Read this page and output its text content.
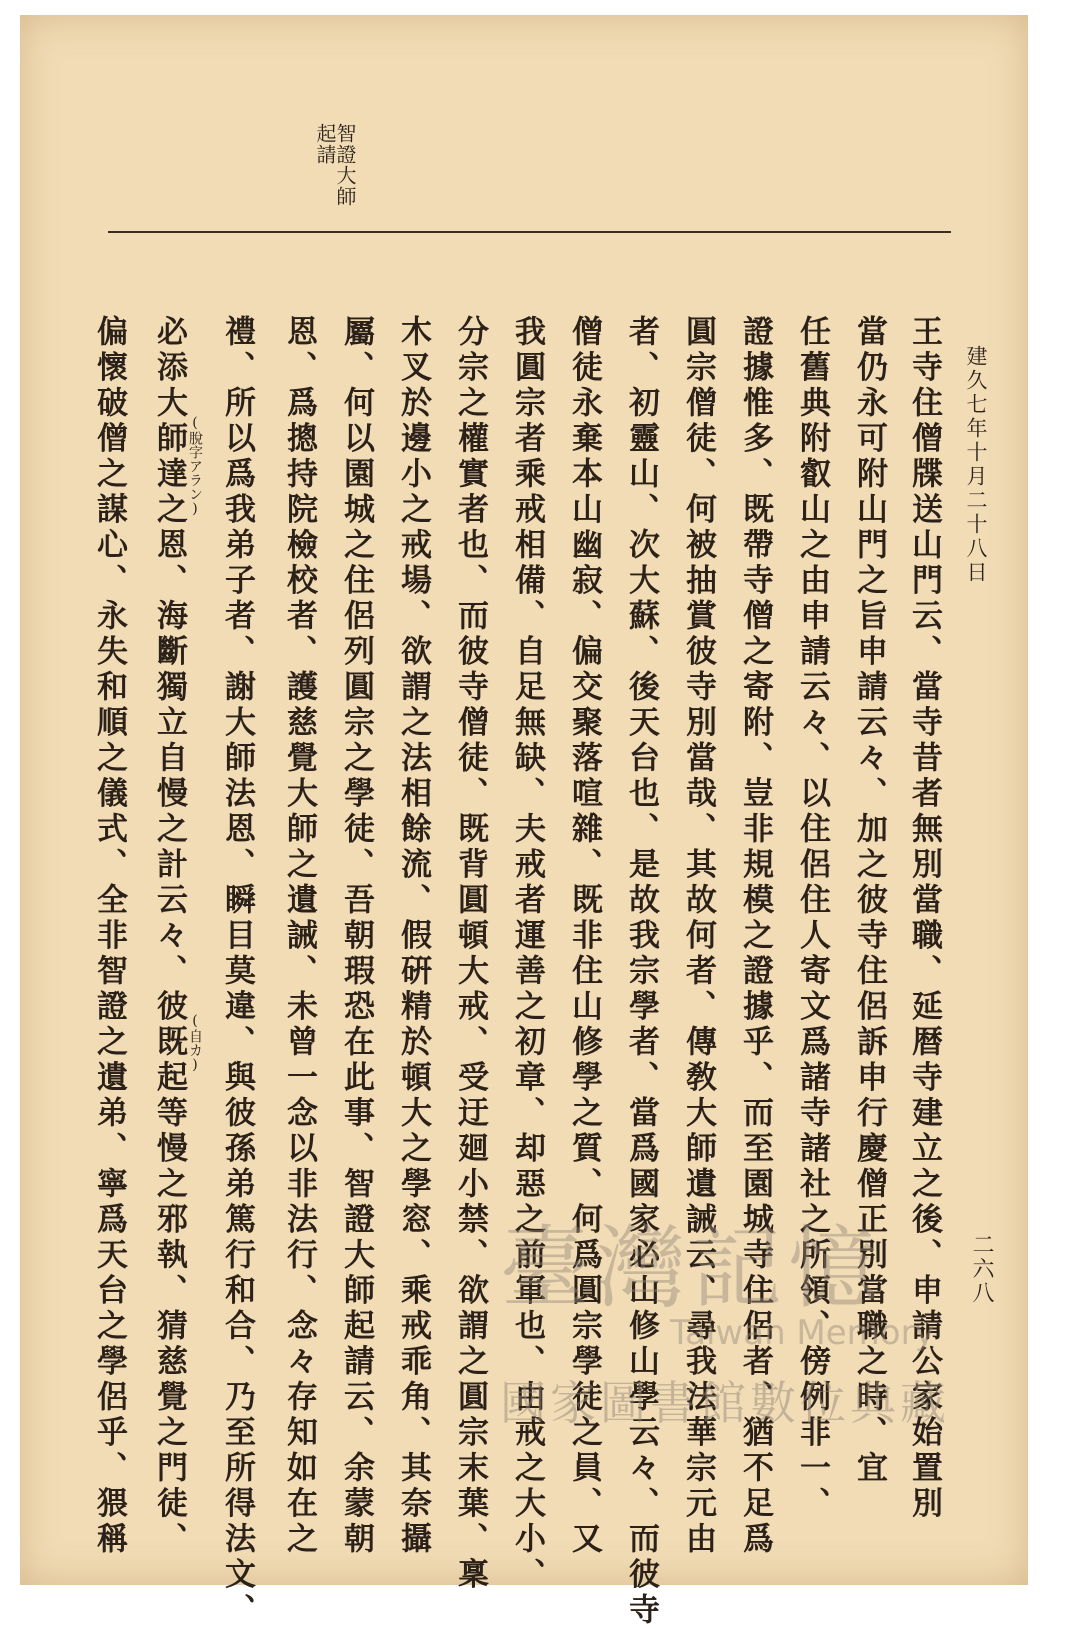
智證大師
起請
建久七年十月二十八日
二六八
王寺住僧牒送山門云、當寺昔者無別當職、延暦寺建立之後、申請公家始置別
當仍永可附山門之旨申請云々、加之彼寺住侶訴申行慶僧正別當職之時、宜
任舊典附叡山之由申請云々、以住侶住人寄文爲諸寺諸社之所領、傍例非一、
證據惟多、既帶寺僧之寄附、豈非規模之證據乎、而至園城寺住侶者、猶不足爲
圓宗僧徒、何被抽賞彼寺別當哉、其故何者、傳敎大師遺誡云、尋我法華宗元由
者、初靈山、次大蘇、後天台也、是故我宗學者、當爲國家必山修山學云々、而彼寺
僧徒永棄本山幽寂、偏交聚落喧雜、既非住山修學之質、何爲圓宗學徒之員、又
我圓宗者乘戒相備、自足無缺、夫戒者運善之初章、却惡之前軍也、由戒之大小、
分宗之權實者也、而彼寺僧徒、既背圓頓大戒、受迂廻小禁、欲謂之圓宗末葉、稟
木叉於邊小之戒場、欲謂之法相餘流、假硏精於頓大之學窓、乘戒乖角、其奈攝
屬、何以園城之住侶列圓宗之學徒、吾朝瑕恐在此事、智證大師起請云、余蒙朝
恩、爲摠持院檢校者、護慈覺大師之遺誡、未曾一念以非法行、念々存知如在之
禮、所以爲我弟子者、謝大師法恩、瞬目莫違、與彼孫弟篤行和合、乃至所得法文、
必添大師達之恩、海斷獨立自慢之計云々、彼既起等慢之邪執、猜慈覺之門徒、
偏懷破僧之謀心、永失和順之儀式、全非智證之遺弟、寧爲天台之學侶乎、猥稱	(脫字アラン)
(自カ)
臺灣記憶
Taiwan Memory
國家圖書館數位典藏
